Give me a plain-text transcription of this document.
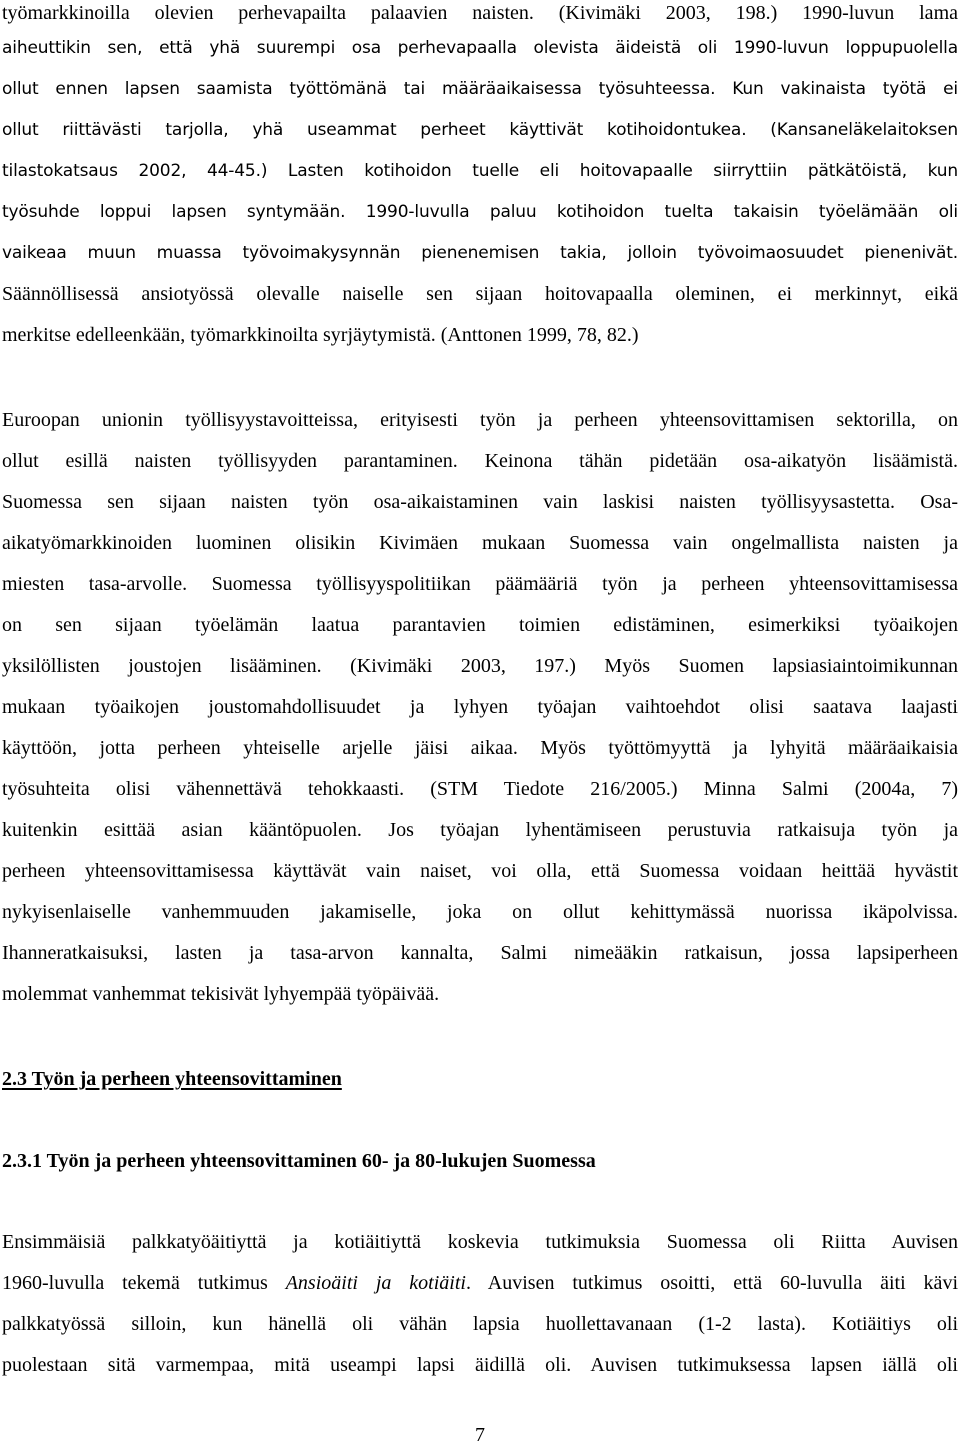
työmarkkinoilla olevien perhevapailta palaavien naisten. (Kivimäki 2003, 198.) 1990-luvun lama
aiheuttikin sen, että yhä suurempi osa perhevapaalla olevista äideistä oli 1990-luvun loppupuolella
ollut ennen lapsen saamista työttömänä tai määräaikaisessa työsuhteessa. Kun vakinaista työtä ei
ollut riittävästi tarjolla, yhä useammat perheet käyttivät kotihoidontukea. (Kansaneläkelaitoksen
tilastokatsaus 2002, 44-45.) Lasten kotihoidon tuelle eli hoitovapaalle siirryttiin pätkätöistä, kun
työsuhde loppui lapsen syntymään. 1990-luvulla paluu kotihoidon tuelta takaisin työelämään oli
vaikeaa muun muassa työvoimakysynnän pienenemisen takia, jolloin työvoimaosuudet pienenivät.
Säännöllisessä ansiotyössä olevalle naiselle sen sijaan hoitovapaalla oleminen, ei merkinnyt, eikä
merkitse edelleenkään, työmarkkinoilta syrjäytymistä. (Anttonen 1999, 78, 82.)
Euroopan unionin työllisyystavoitteissa, erityisesti työn ja perheen yhteensovittamisen sektorilla, on
ollut esillä naisten työllisyyden parantaminen. Keinona tähän pidetään osa-aikatyön lisäämistä.
Suomessa sen sijaan naisten työn osa-aikaistaminen vain laskisi naisten työllisyysastetta. Osa-
aikatyömarkkinoiden luominen olisikin Kivimäen mukaan Suomessa vain ongelmallista naisten ja
miesten tasa-arvolle. Suomessa työllisyyspolitiikan päämääriä työn ja perheen yhteensovittamisessa
on sen sijaan työelämän laatua parantavien toimien edistäminen, esimerkiksi työaikojen
yksilöllisten joustojen lisääminen. (Kivimäki 2003, 197.) Myös Suomen lapsiasiaintoimikunnan
mukaan työaikojen joustomahdollisuudet ja lyhyen työajan vaihtoehdot olisi saatava laajasti
käyttöön, jotta perheen yhteiselle arjelle jäisi aikaa. Myös työttömyyttä ja lyhyitä määräaikaisia
työsuhteita olisi vähennettävä tehokkaasti. (STM Tiedote 216/2005.) Minna Salmi (2004a, 7)
kuitenkin esittää asian kääntöpuolen. Jos työajan lyhentämiseen perustuvia ratkaisuja työn ja
perheen yhteensovittamisessa käyttävät vain naiset, voi olla, että Suomessa voidaan heittää hyvästit
nykyisenlaiselle vanhemmuuden jakamiselle, joka on ollut kehittymässä nuorissa ikäpolvissa.
Ihanneratkaisuksi, lasten ja tasa-arvon kannalta, Salmi nimeääkin ratkaisun, jossa lapsiperheen
molemmat vanhemmat tekisivät lyhyempää työpäivää.
2.3 Työn ja perheen yhteensovittaminen
2.3.1 Työn ja perheen yhteensovittaminen 60- ja 80-lukujen Suomessa
Ensimmäisiä palkkatyöäitiyttä ja kotiäitiyttä koskevia tutkimuksia Suomessa oli Riitta Auvisen
1960-luvulla tekemä tutkimus Ansioäiti ja kotiäiti. Auvisen tutkimus osoitti, että 60-luvulla äiti kävi
palkkatyössä silloin, kun hänellä oli vähän lapsia huollettavanaan (1-2 lasta). Kotiäitiys oli
puolestaan sitä varmempaa, mitä useampi lapsi äidillä oli. Auvisen tutkimuksessa lapsen iällä oli
7
